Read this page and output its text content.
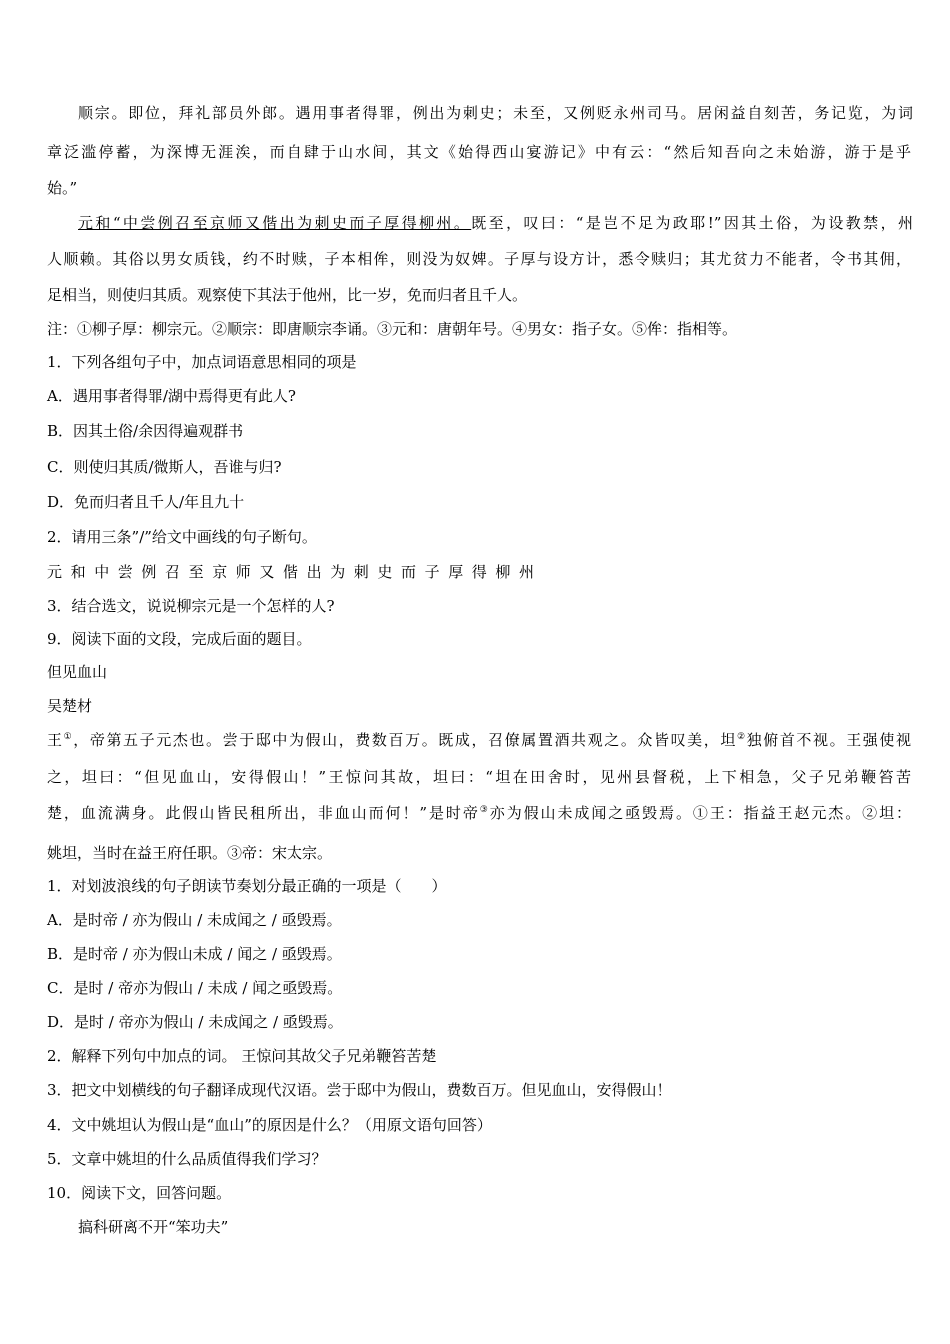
顺宗。即位，拜礼部员外郎。遇用事者得罪，例出为刺史；未至，又例贬永州司马。居闲益自刻苦，务记览，为词
章泛滥停蓄，为深博无涯涘，而自肆于山水间，其文《始得西山宴游记》中有云：“然后知吾向之未始游，游于是乎
始。”
元和“中尝例召至京师又偕出为刺史而子厚得柳州。既至，叹曰：“是岂不足为政耶!”因其土俗，为设教禁，州
人顺赖。其俗以男女质钱，约不时赎，子本相侔，则没为奴婢。子厚与设方计，悉令赎归；其尤贫力不能者，令书其佣，
足相当，则使归其质。观察使下其法于他州，比一岁，免而归者且千人。
注：①柳子厚：柳宗元。②顺宗：即唐顺宗李诵。③元和：唐朝年号。④男女：指子女。⑤侔：指相等。
1．下列各组句子中，加点词语意思相同的项是
A．遇用事者得罪/湖中焉得更有此人?
B．因其土俗/余因得遍观群书
C．则使归其质/微斯人，吾谁与归?
D．免而归者且千人/年且九十
2．请用三条”/”给文中画线的句子断句。
元和中尝例召至京师又偕出为刺史而子厚得柳州
3．结合选文，说说柳宗元是一个怎样的人?
9．阅读下面的文段，完成后面的题目。
但见血山
吴楚材
王①，帝第五子元杰也。尝于邸中为假山，费数百万。既成，召僚属置酒共观之。众皆叹美，坦②独俯首不视。王强使视
之，坦曰：“但见血山，安得假山！”王惊问其故，坦曰：“坦在田舍时，见州县督税，上下相急，父子兄弟鞭笞苦
楚，血流满身。此假山皆民租所出，非血山而何！”是时帝③亦为假山未成闻之亟毁焉。①王：指益王赵元杰。②坦：
姚坦，当时在益王府任职。③帝：宋太宗。
1．对划波浪线的句子朗读节奏划分最正确的一项是（　　）
A．是时帝 / 亦为假山 / 未成闻之 / 亟毁焉。
B．是时帝 / 亦为假山未成 / 闻之 / 亟毁焉。
C．是时 / 帝亦为假山 / 未成 / 闻之亟毁焉。
D．是时 / 帝亦为假山 / 未成闻之 / 亟毁焉。
2．解释下列句中加点的词。 王惊问其故父子兄弟鞭笞苦楚
3．把文中划横线的句子翻译成现代汉语。尝于邸中为假山，费数百万。但见血山，安得假山！
4．文中姚坦认为假山是“血山”的原因是什么？（用原文语句回答）
5．文章中姚坦的什么品质值得我们学习？
10．阅读下文，回答问题。
搞科研离不开“笨功夫”
